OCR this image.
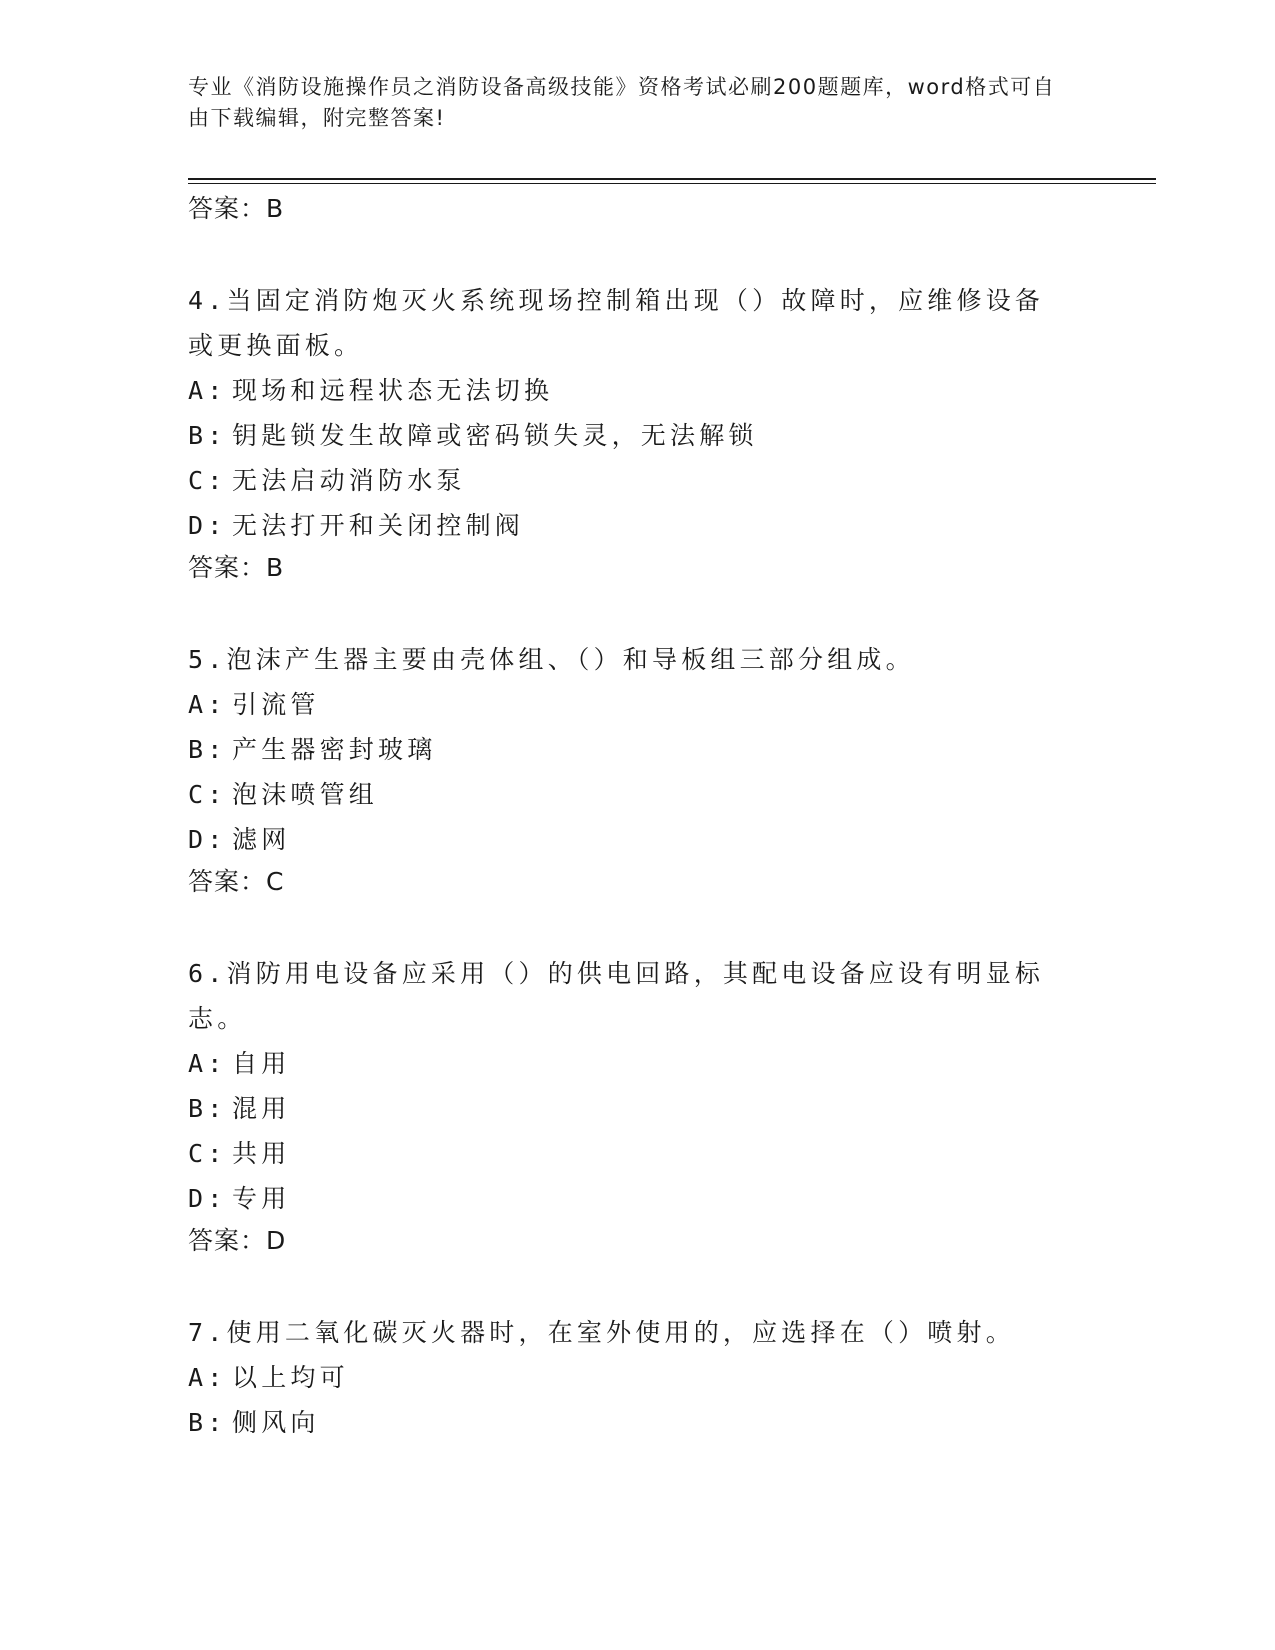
专业《消防设施操作员之消防设备高级技能》资格考试必刷200题题库，word格式可自由下载编辑，附完整答案!
答案：B
4.当固定消防炮灭火系统现场控制箱出现（）故障时，应维修设备或更换面板。
A: 现场和远程状态无法切换
B: 钥匙锁发生故障或密码锁失灵，无法解锁
C: 无法启动消防水泵
D: 无法打开和关闭控制阀
答案：B
5.泡沫产生器主要由壳体组、（）和导板组三部分组成。
A: 引流管
B: 产生器密封玻璃
C: 泡沫喷管组
D: 滤网
答案：C
6.消防用电设备应采用（）的供电回路，其配电设备应设有明显标志。
A: 自用
B: 混用
C: 共用
D: 专用
答案：D
7.使用二氧化碳灭火器时，在室外使用的，应选择在（）喷射。
A: 以上均可
B: 侧风向
